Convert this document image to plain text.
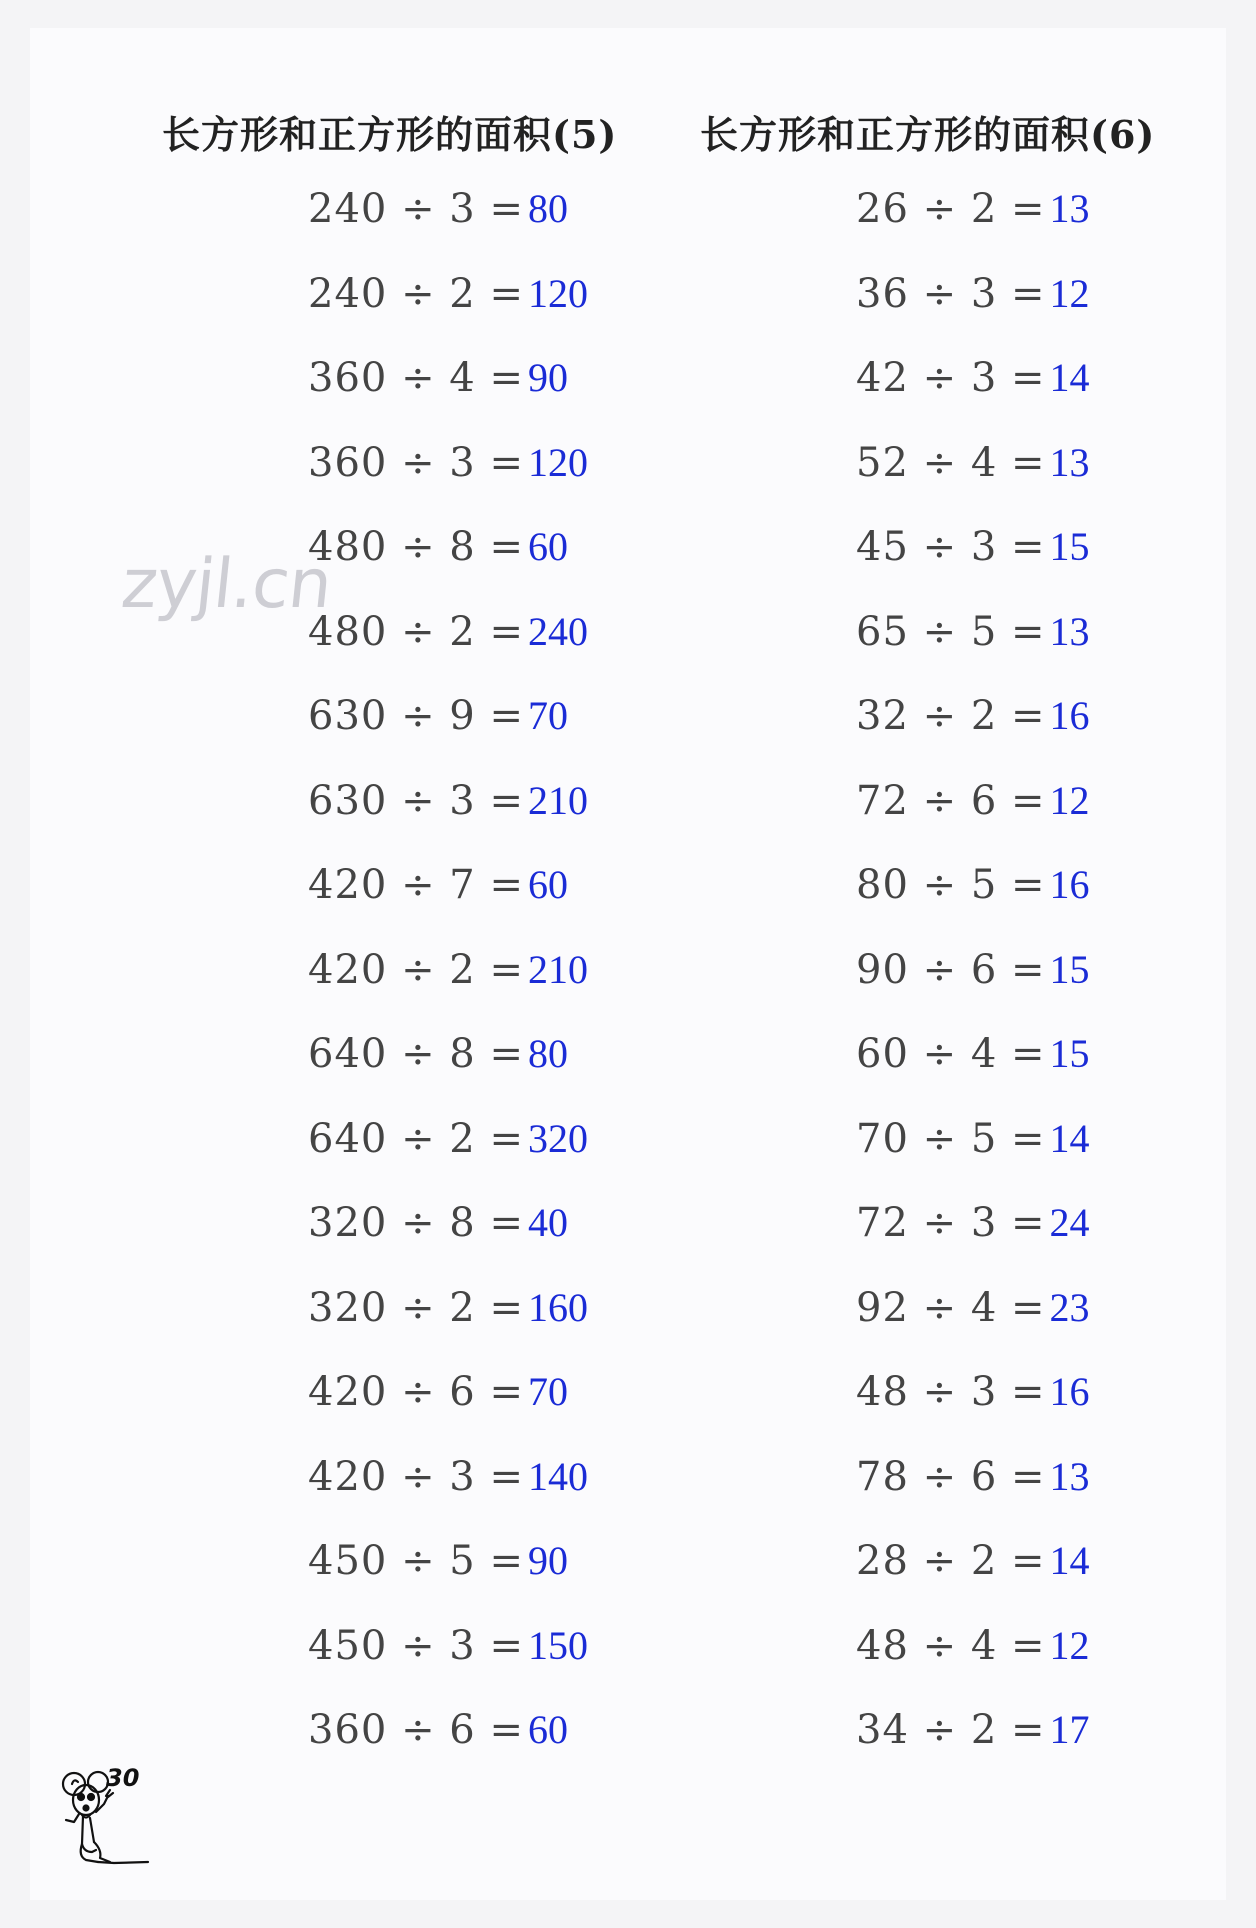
长方形和正方形的面积(5) 长方形和正方形的面积(6)
zyjl.cn
240 ÷ 3 = 80
240 ÷ 2 = 120
360 ÷ 4 = 90
360 ÷ 3 = 120
480 ÷ 8 = 60
480 ÷ 2 = 240
630 ÷ 9 = 70
630 ÷ 3 = 210
420 ÷ 7 = 60
420 ÷ 2 = 210
640 ÷ 8 = 80
640 ÷ 2 = 320
320 ÷ 8 = 40
320 ÷ 2 = 160
420 ÷ 6 = 70
420 ÷ 3 = 140
450 ÷ 5 = 90
450 ÷ 3 = 150
360 ÷ 6 = 60
26 ÷ 2 = 13
36 ÷ 3 = 12
42 ÷ 3 = 14
52 ÷ 4 = 13
45 ÷ 3 = 15
65 ÷ 5 = 13
32 ÷ 2 = 16
72 ÷ 6 = 12
80 ÷ 5 = 16
90 ÷ 6 = 15
60 ÷ 4 = 15
70 ÷ 5 = 14
72 ÷ 3 = 24
92 ÷ 4 = 23
48 ÷ 3 = 16
78 ÷ 6 = 13
28 ÷ 2 = 14
48 ÷ 4 = 12
34 ÷ 2 = 17
30
